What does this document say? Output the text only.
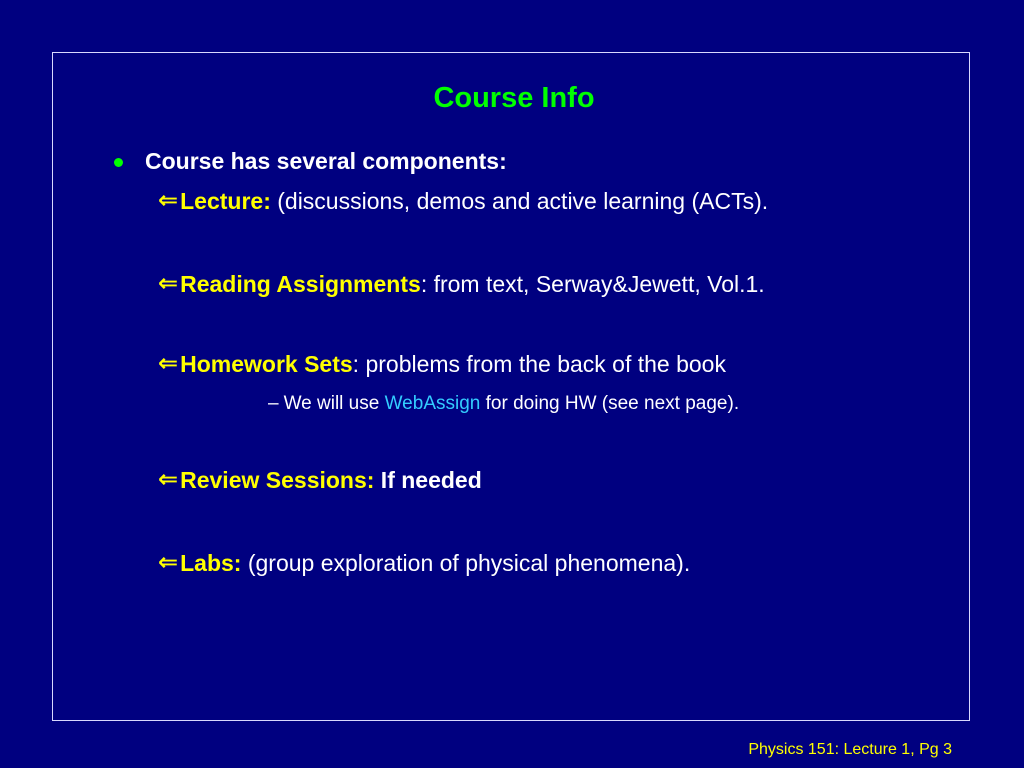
Course Info
Course has several components:
⇐ Lecture: (discussions, demos and active learning (ACTs).
⇐ Reading Assignments : from text, Serway&Jewett, Vol.1.
⇐ Homework Sets : problems from the back of the book
– We will use WebAssign for doing HW (see next page).
⇐ Review Sessions: If needed
⇐ Labs: (group exploration of physical phenomena).
Physics 151: Lecture 1, Pg 3
